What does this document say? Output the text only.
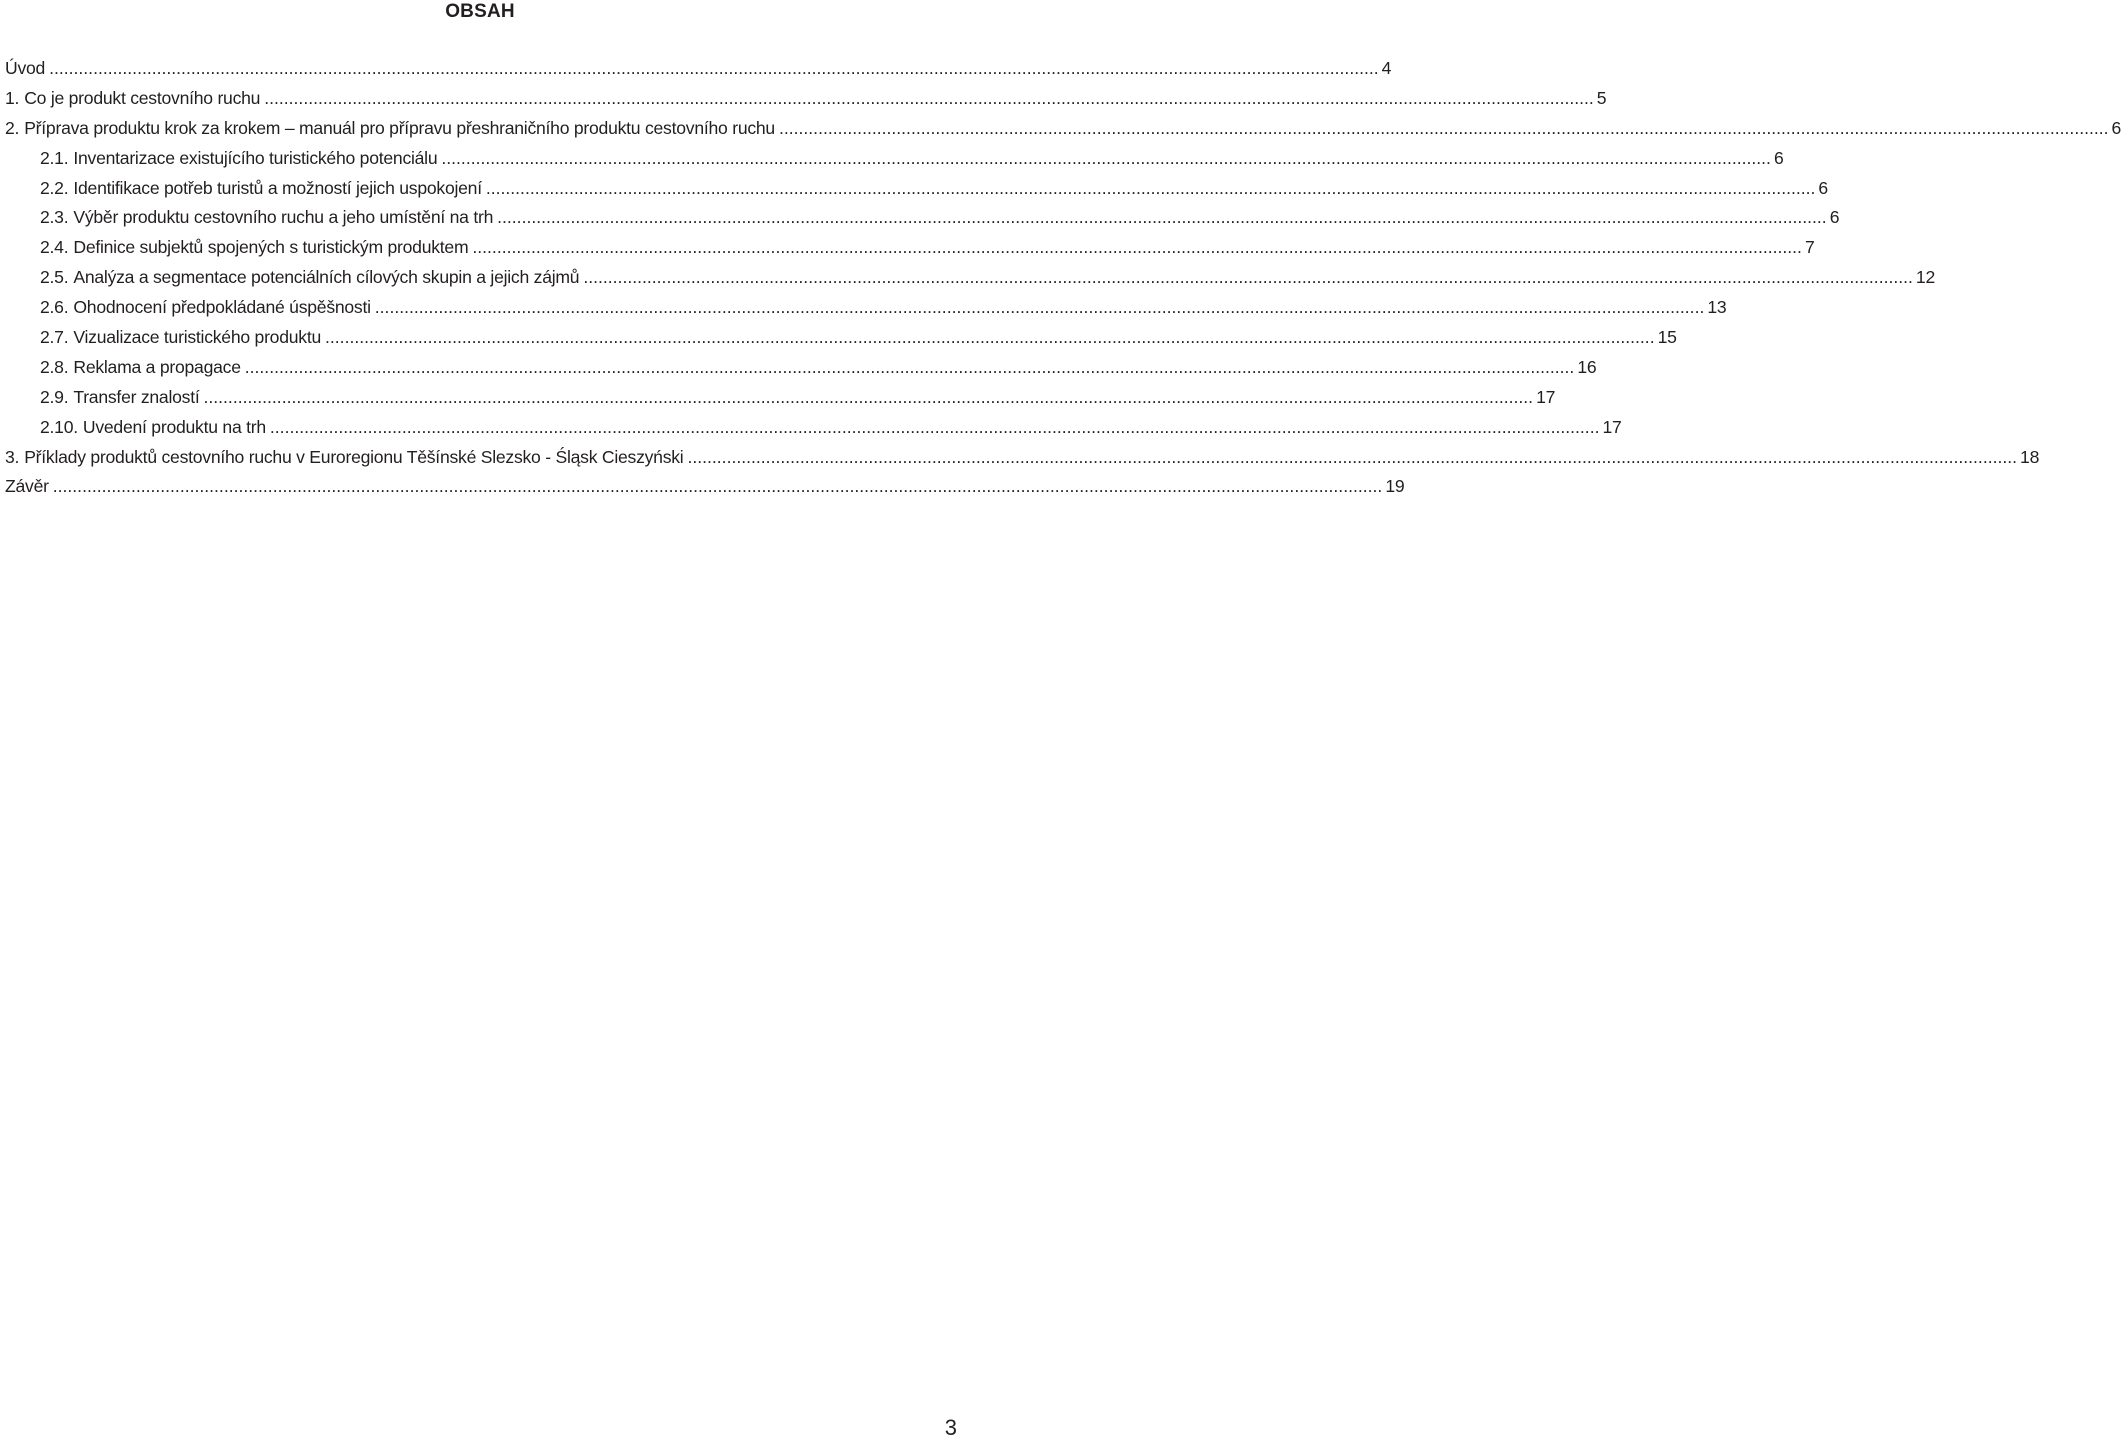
OBSAH
Úvod .....	4
1. Co je produkt cestovního ruchu .....	5
2. Příprava produktu krok za krokem – manuál pro přípravu přeshraničního produktu cestovního ruchu .....	6
2.1. Inventarizace existujícího turistického potenciálu .....	6
2.2. Identifikace potřeb turistů a možností jejich uspokojení .....	6
2.3. Výběr produktu cestovního ruchu a jeho umístění na trh .....	6
2.4. Definice subjektů spojených s turistickým produktem .....	7
2.5. Analýza a segmentace potenciálních cílových skupin a jejich zájmů .....	12
2.6. Ohodnocení předpokládané úspěšnosti .....	13
2.7. Vizualizace turistického produktu .....	15
2.8. Reklama a propagace .....	16
2.9. Transfer znalostí .....	17
2.10. Uvedení produktu na trh .....	17
3. Příklady produktů cestovního ruchu v Euroregionu Těšínské Slezsko - Śląsk Cieszyński .....	18
Závěr .....	19
3
